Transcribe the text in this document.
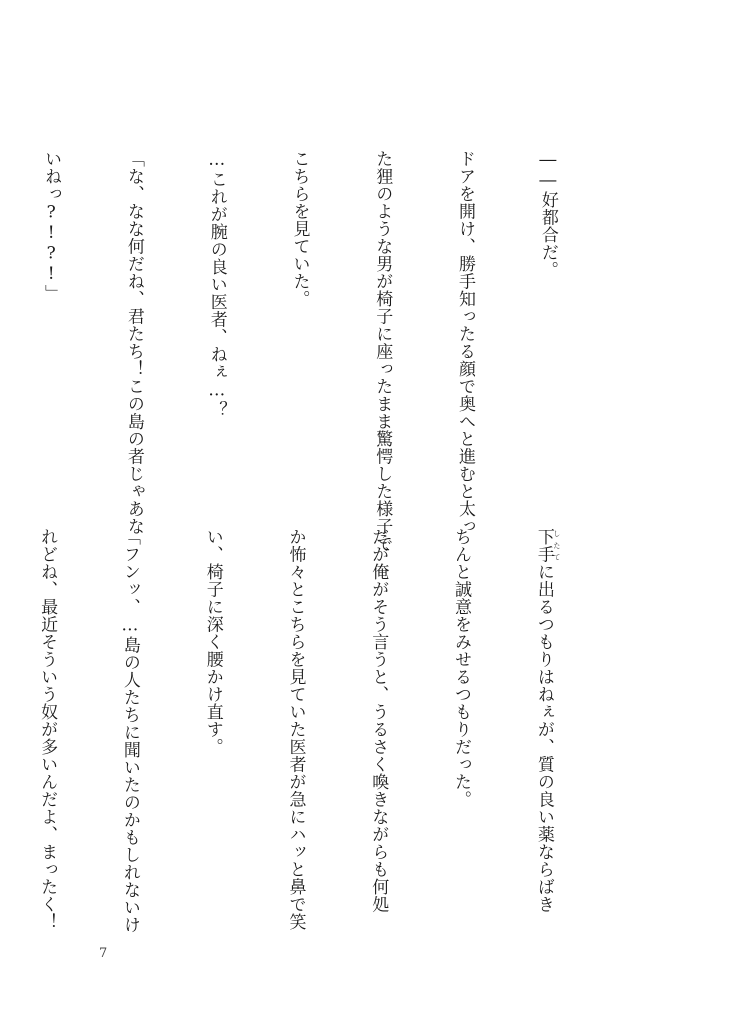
――好都合だ。

ドアを開け、勝手知ったる顔で奥へと進むと太っ

た狸のような男が椅子に座ったまま驚愕した様子で

こちらを見ていた。

…これが腕の良い医者、ねぇ…？

「な、なな何だね、君たち！この島の者じゃあな

いねっ?!?!」

下手 したてに出るつもりはねぇが、質の良い薬ならばき

ちんと誠意をみせるつもりだった。

だが俺がそう言うと、うるさく喚きながらも何処

か怖々とこちらを見ていた医者が急にハッと鼻で笑

い、椅子に深く腰かけ直す。

「フンッ、…島の人たちに聞いたのかもしれないけ

れどね、最近そういう奴が多いんだよ、まったく！

7
